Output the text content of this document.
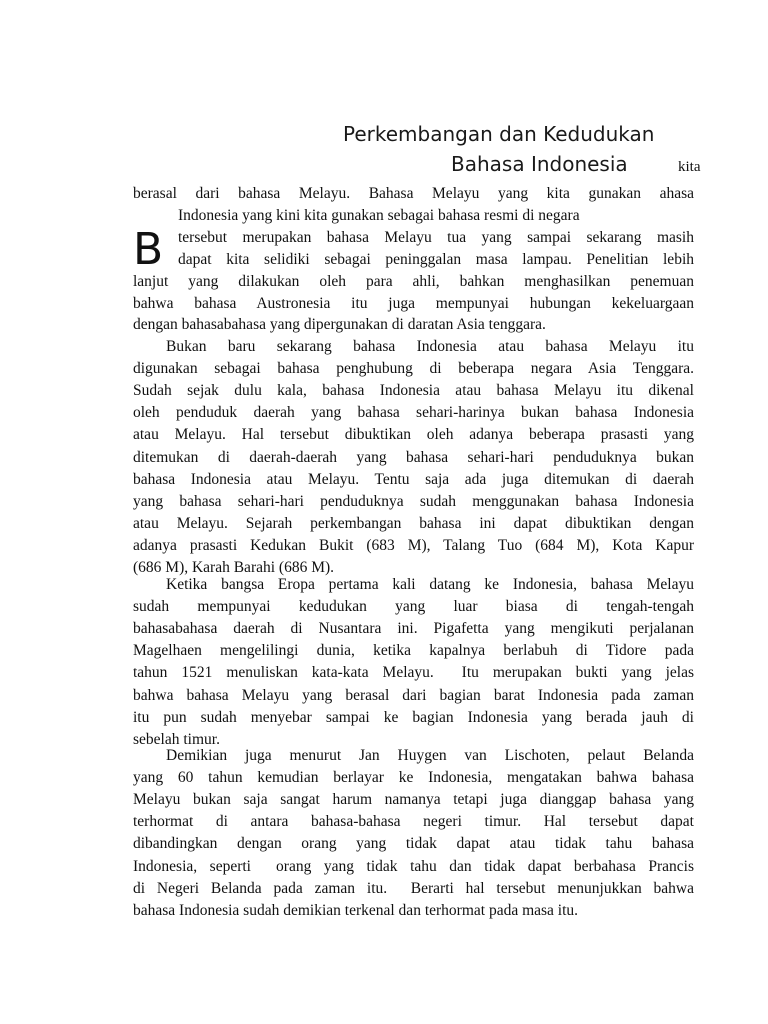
Perkembangan dan Kedudukan
Bahasa Indonesia	kita
B
berasal dari bahasa Melayu. Bahasa Melayu yang kita gunakan ahasa
Indonesia yang kini kita gunakan sebagai bahasa resmi di negara
tersebut merupakan bahasa Melayu tua yang sampai sekarang masih
dapat kita selidiki sebagai peninggalan masa lampau. Penelitian lebih
lanjut yang dilakukan oleh para ahli, bahkan menghasilkan penemuan
bahwa bahasa Austronesia itu juga mempunyai hubungan kekeluargaan
dengan bahasabahasa yang dipergunakan di daratan Asia tenggara.
Bukan baru sekarang bahasa Indonesia atau bahasa Melayu itu
digunakan sebagai bahasa penghubung di beberapa negara Asia Tenggara.
Sudah sejak dulu kala, bahasa Indonesia atau bahasa Melayu itu dikenal
oleh penduduk daerah yang bahasa sehari-harinya bukan bahasa Indonesia
atau Melayu. Hal tersebut dibuktikan oleh adanya beberapa prasasti yang
ditemukan di daerah-daerah yang bahasa sehari-hari penduduknya bukan
bahasa Indonesia atau Melayu. Tentu saja ada juga ditemukan di daerah
yang bahasa sehari-hari penduduknya sudah menggunakan bahasa Indonesia
atau Melayu. Sejarah perkembangan bahasa ini dapat dibuktikan dengan
adanya prasasti Kedukan Bukit (683 M), Talang Tuo (684 M), Kota Kapur
(686 M), Karah Barahi (686 M).
Ketika bangsa Eropa pertama kali datang ke Indonesia, bahasa Melayu
sudah mempunyai kedudukan yang luar biasa di tengah-tengah
bahasabahasa daerah di Nusantara ini. Pigafetta yang mengikuti perjalanan
Magelhaen mengelilingi dunia, ketika kapalnya berlabuh di Tidore pada
tahun 1521 menuliskan kata-kata Melayu.  Itu merupakan bukti yang jelas
bahwa bahasa Melayu yang berasal dari bagian barat Indonesia pada zaman
itu pun sudah menyebar sampai ke bagian Indonesia yang berada jauh di
sebelah timur.
Demikian juga menurut Jan Huygen van Lischoten, pelaut Belanda
yang 60 tahun kemudian berlayar ke Indonesia, mengatakan bahwa bahasa
Melayu bukan saja sangat harum namanya tetapi juga dianggap bahasa yang
terhormat di antara bahasa-bahasa negeri timur. Hal tersebut dapat
dibandingkan dengan orang yang tidak dapat atau tidak tahu bahasa
Indonesia, seperti  orang yang tidak tahu dan tidak dapat berbahasa Prancis
di Negeri Belanda pada zaman itu.  Berarti hal tersebut menunjukkan bahwa
bahasa Indonesia sudah demikian terkenal dan terhormat pada masa itu.
